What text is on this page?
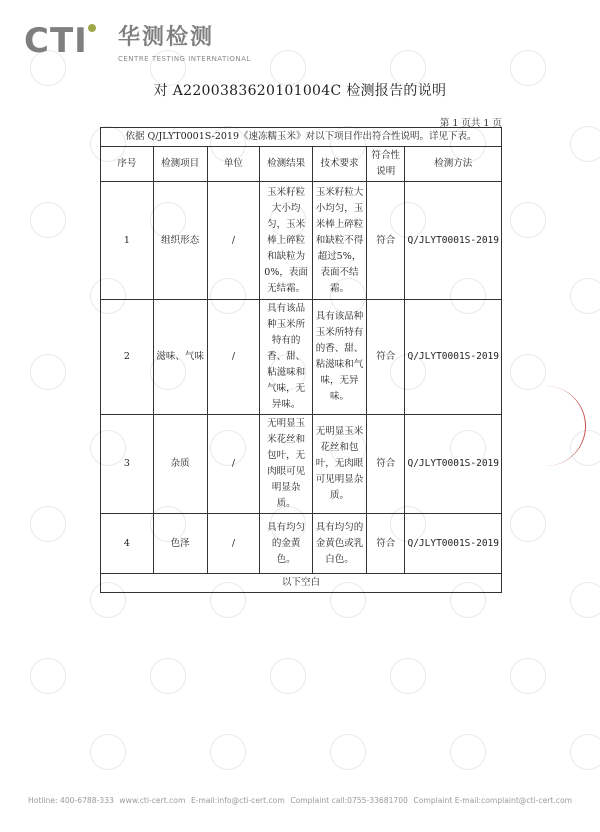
CTI 华测检测
CENTRE TESTING INTERNATIONAL
对 A2200383620101004C 检测报告的说明
第 1 页共 1 页
依据 Q/JLYT0001S-2019《速冻糯玉米》对以下项目作出符合性说明。详见下表。						
序号	检测项目	单位	检测结果	技术要求	符合性说明	检测方法
1	组织形态	/	玉米籽粒大小均匀，玉米棒上碎粒和缺粒为0%，表面无结霜。	玉米籽粒大小均匀，玉米棒上碎粒和缺粒不得超过5%，表面不结霜。	符合	Q/JLYT0001S-2019
2	滋味、气味	/	具有该品种玉米所特有的香、甜、粘滋味和气味，无异味。	具有该品种玉米所特有的香、甜、粘滋味和气味，无异味。	符合	Q/JLYT0001S-2019
3	杂质	/	无明显玉米花丝和包叶，无肉眼可见明显杂质。	无明显玉米花丝和包叶，无肉眼可见明显杂质。	符合	Q/JLYT0001S-2019
4	色泽	/	具有均匀的金黄色。	具有均匀的金黄色或乳白色。	符合	Q/JLYT0001S-2019
以下空白						
Hotline: 400-6788-333 www.cti-cert.com E-mail:info@cti-cert.com Complaint call:0755-33681700 Complaint E-mail:complaint@cti-cert.com
